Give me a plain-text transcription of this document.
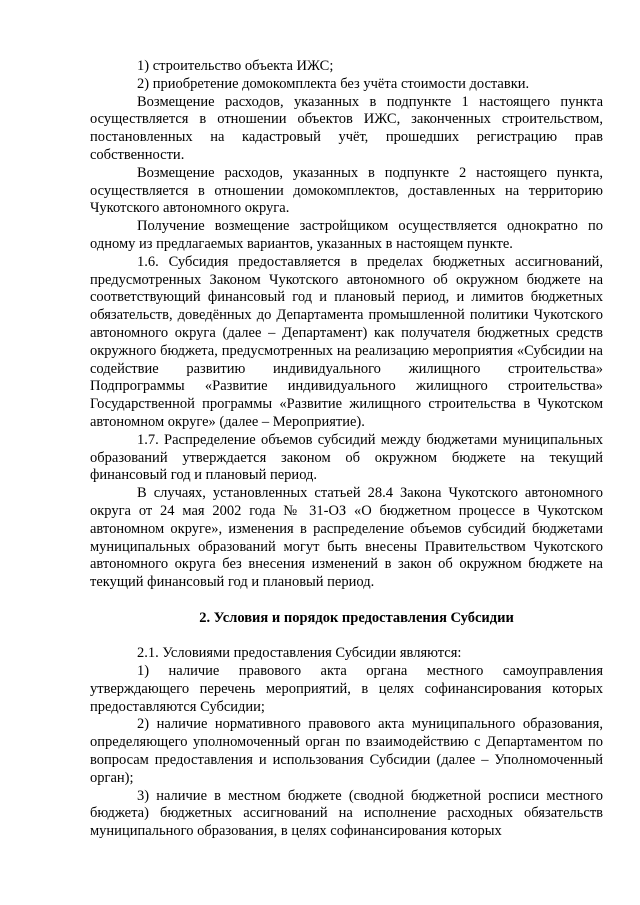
1) строительство объекта ИЖС;

2) приобретение домокомплекта без учёта стоимости доставки.

Возмещение расходов, указанных в подпункте 1 настоящего пункта осуществляется в отношении объектов ИЖС, законченных строительством, постановленных на кадастровый учёт, прошедших регистрацию прав собственности.

Возмещение расходов, указанных в подпункте 2 настоящего пункта, осуществляется в отношении домокомплектов, доставленных на территорию Чукотского автономного округа.

Получение возмещение застройщиком осуществляется однократно по одному из предлагаемых вариантов, указанных в настоящем пункте.

1.6. Субсидия предоставляется в пределах бюджетных ассигнований, предусмотренных Законом Чукотского автономного об окружном бюджете на соответствующий финансовый год и плановый период, и лимитов бюджетных обязательств, доведённых до Департамента промышленной политики Чукотского автономного округа (далее – Департамент) как получателя бюджетных средств окружного бюджета, предусмотренных на реализацию мероприятия «Субсидии на содействие развитию индивидуального жилищного строительства» Подпрограммы «Развитие индивидуального жилищного строительства» Государственной программы «Развитие жилищного строительства в Чукотском автономном округе» (далее – Мероприятие).

1.7. Распределение объемов субсидий между бюджетами муниципальных образований утверждается законом об окружном бюджете на текущий финансовый год и плановый период.

В случаях, установленных статьей 28.4 Закона Чукотского автономного округа от 24 мая 2002 года № 31-ОЗ «О бюджетном процессе в Чукотском автономном округе», изменения в распределение объемов субсидий бюджетами муниципальных образований могут быть внесены Правительством Чукотского автономного округа без внесения изменений в закон об окружном бюджете на текущий финансовый год и плановый период.

2. Условия и порядок предоставления Субсидии

2.1. Условиями предоставления Субсидии являются:

1) наличие правового акта органа местного самоуправления утверждающего перечень мероприятий, в целях софинансирования которых предоставляются Субсидии;

2) наличие нормативного правового акта муниципального образования, определяющего уполномоченный орган по взаимодействию с Департаментом по вопросам предоставления и использования Субсидии (далее – Уполномоченный орган);

3) наличие в местном бюджете (сводной бюджетной росписи местного бюджета) бюджетных ассигнований на исполнение расходных обязательств муниципального образования, в целях софинансирования которых
